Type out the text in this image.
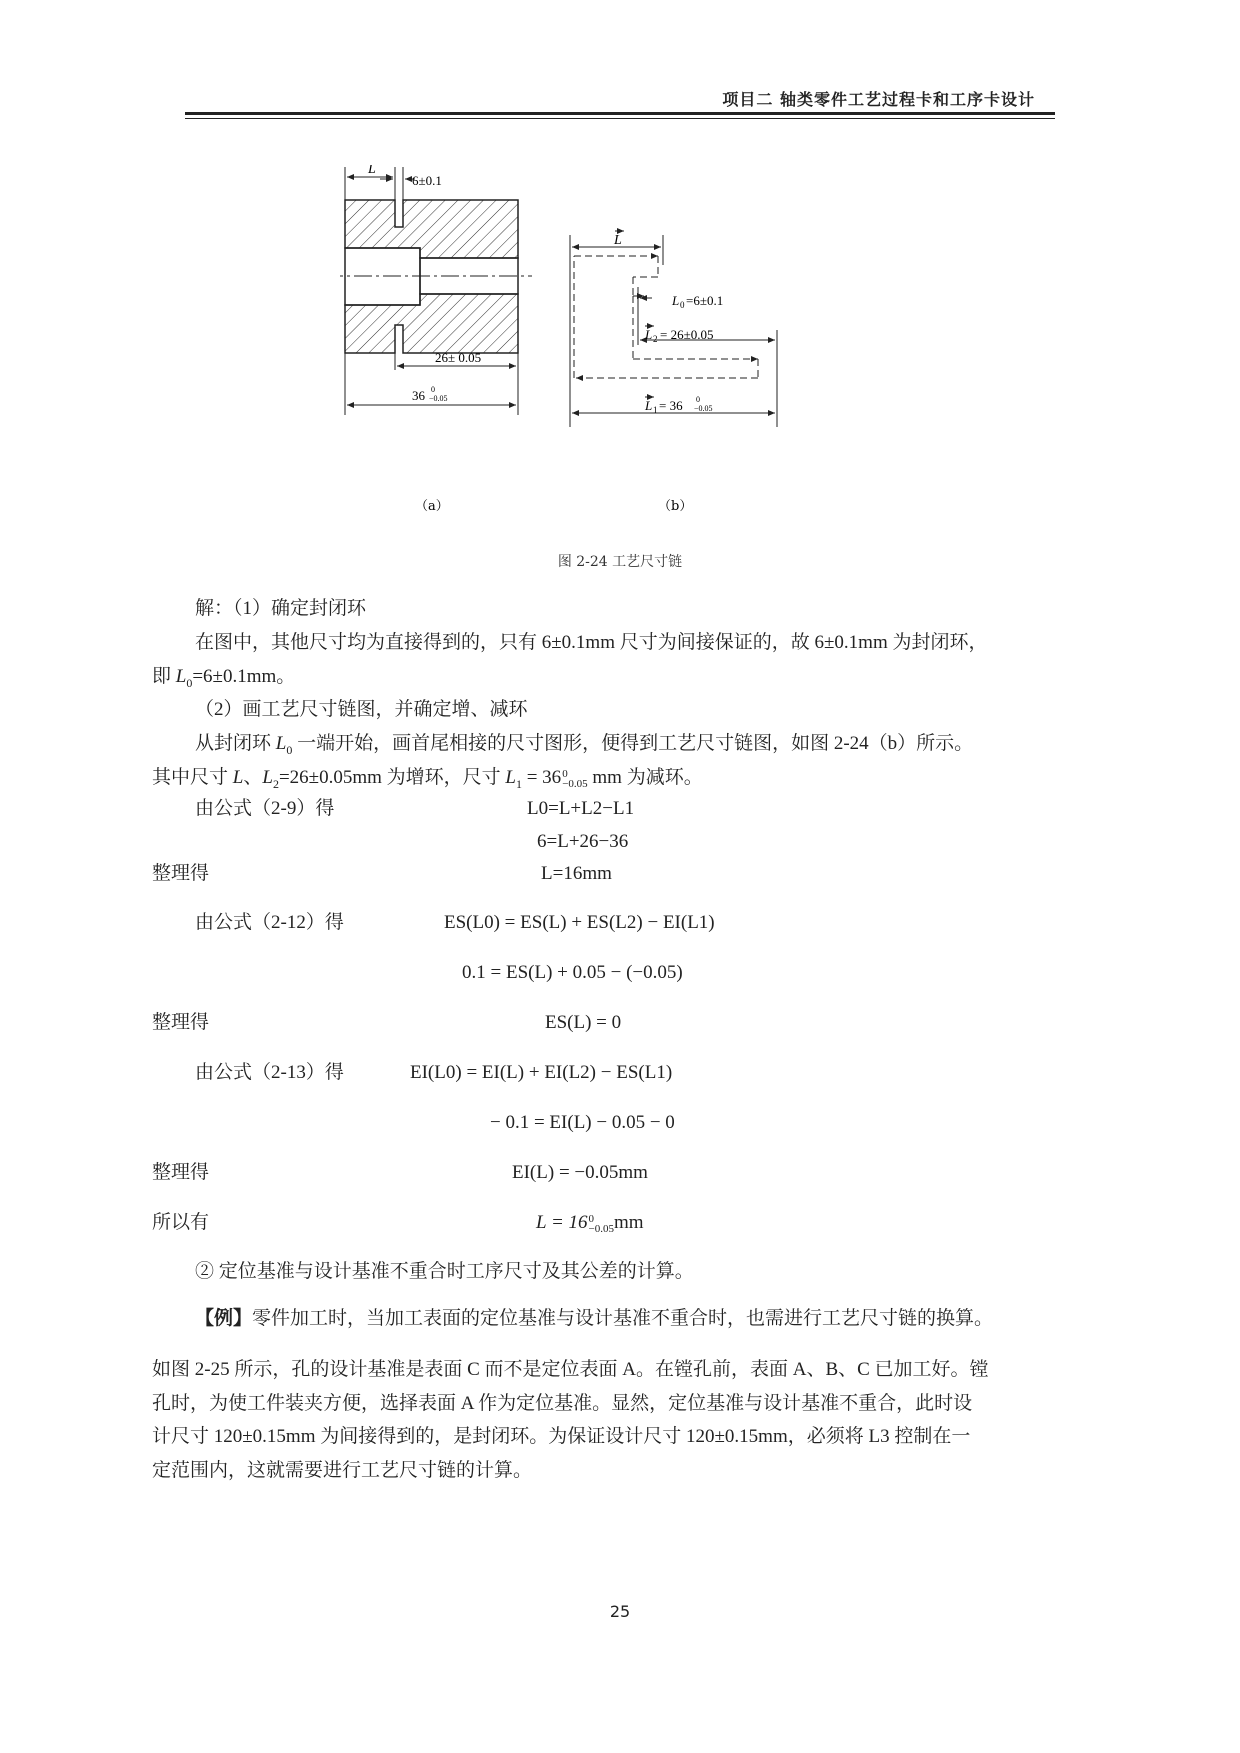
项目二 轴类零件工艺过程卡和工序卡设计
L
6±0.1
26± 0.05
36 0
−0.05
L
L 0 =6±0.1
L 2 = 26±0.05
L 1 = 36 0
−0.05
（a）	（b）
图 2-24 工艺尺寸链
解：（1）确定封闭环
在图中，其他尺寸均为直接得到的，只有 6±0.1mm 尺寸为间接保证的，故 6±0.1mm 为封闭环，
即 $L_0=6\pm 0.1mm$。
（2）画工艺尺寸链图，并确定增、减环
从封闭环 $L_0$ 一端开始，画首尾相接的尺寸图形，便得到工艺尺寸链图，如图 2-24（b）所示。
其中尺寸 L、$L_2=26\pm 0.05mm$ 为增环，尺寸 $L_1 = 36$ 0
−0.05 mm 为减环。
由公式（2-9）得	L0=L+L2−L1
6=L+26−36
整理得	L=16mm
由公式（2-12）得	ES(L0) = ES(L) + ES(L2) − EI(L1)
0.1 = ES(L) + 0.05 − (−0.05)
整理得	ES(L) = 0
由公式（2-13）得	EI(L0) = EI(L) + EI(L2) − ES(L1)
− 0.1 = EI(L) − 0.05 − 0
整理得	EI(L) = −0.05mm
所以有	L = 16 0
−0.05 mm
② 定位基准与设计基准不重合时工序尺寸及其公差的计算。
【例】零件加工时，当加工表面的定位基准与设计基准不重合时，也需进行工艺尺寸链的换算。
如图 2-25 所示，孔的设计基准是表面 C 而不是定位表面 A。在镗孔前，表面 A、B、C 已加工好。镗
孔时，为使工件装夹方便，选择表面 A 作为定位基准。显然，定位基准与设计基准不重合，此时设
计尺寸 120±0.15mm 为间接得到的，是封闭环。为保证设计尺寸 120±0.15mm，必须将 L3 控制在一
定范围内，这就需要进行工艺尺寸链的计算。
25
